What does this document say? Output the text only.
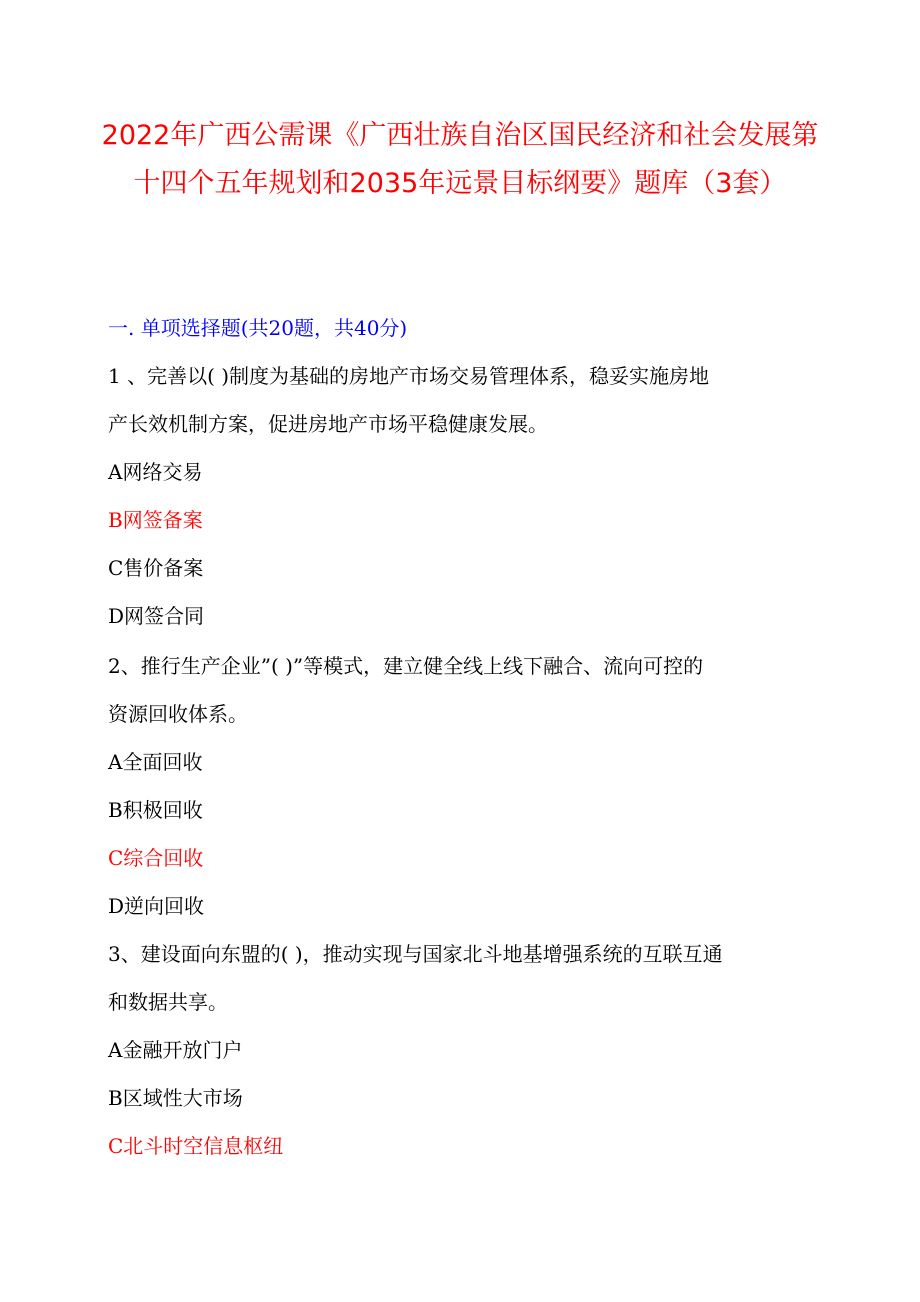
2022年广西公需课《广西壮族自治区国民经济和社会发展第十四个五年规划和2035年远景目标纲要》题库（3套）

一. 单项选择题(共20题，共40分)

1 、完善以( )制度为基础的房地产市场交易管理体系，稳妥实施房地

产长效机制方案，促进房地产市场平稳健康发展。

A网络交易

B网签备案

C售价备案

D网签合同

2、推行生产企业”( )”等模式，建立健全线上线下融合、流向可控的

资源回收体系。

A全面回收

B积极回收

C综合回收

D逆向回收

3、建设面向东盟的( )，推动实现与国家北斗地基增强系统的互联互通

和数据共享。

A金融开放门户

B区域性大市场

C北斗时空信息枢纽
